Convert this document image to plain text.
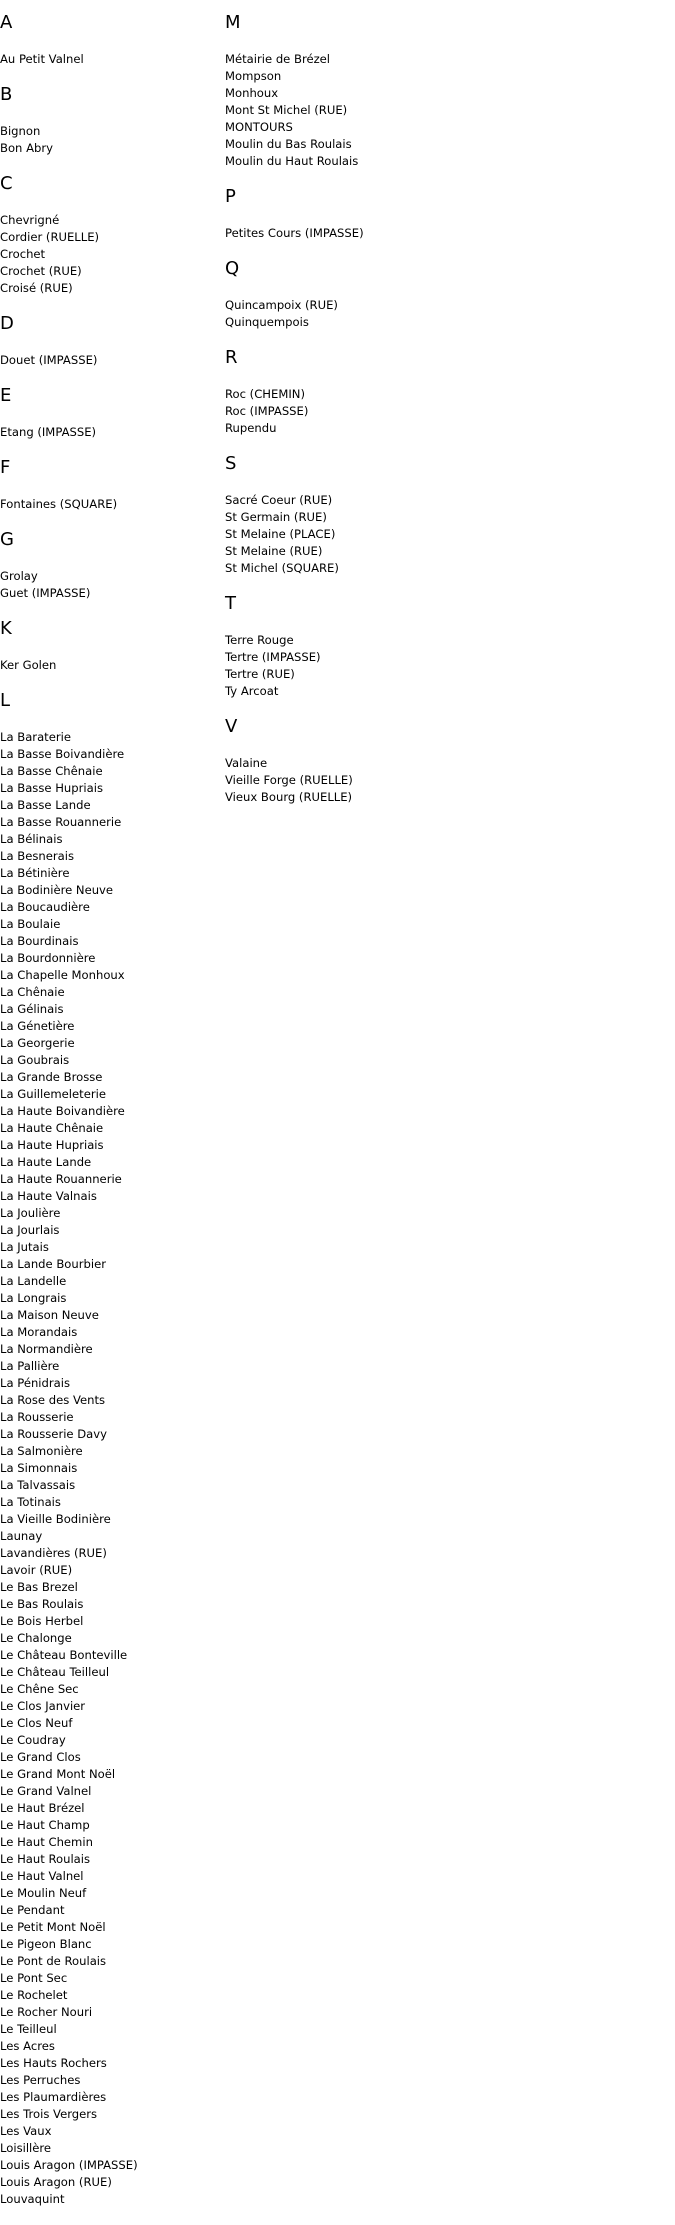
A
Au Petit Valnel
B
Bignon
Bon Abry
C
Chevrigné
Cordier (RUELLE)
Crochet
Crochet (RUE)
Croisé (RUE)
D
Douet (IMPASSE)
E
Etang (IMPASSE)
F
Fontaines (SQUARE)
G
Grolay
Guet (IMPASSE)
K
Ker Golen
L
La Baraterie
La Basse Boivandière
La Basse Chênaie
La Basse Hupriais
La Basse Lande
La Basse Rouannerie
La Bélinais
La Besnerais
La Bétinière
La Bodinière Neuve
La Boucaudière
La Boulaie
La Bourdinais
La Bourdonnière
La Chapelle Monhoux
La Chênaie
La Gélinais
La Génetière
La Georgerie
La Goubrais
La Grande Brosse
La Guillemeleterie
La Haute Boivandière
La Haute Chênaie
La Haute Hupriais
La Haute Lande
La Haute Rouannerie
La Haute Valnais
La Joulière
La Jourlais
La Jutais
La Lande Bourbier
La Landelle
La Longrais
La Maison Neuve
La Morandais
La Normandière
La Pallière
La Pénidrais
La Rose des Vents
La Rousserie
La Rousserie Davy
La Salmonière
La Simonnais
La Talvassais
La Totinais
La Vieille Bodinière
Launay
Lavandières (RUE)
Lavoir (RUE)
Le Bas Brezel
Le Bas Roulais
Le Bois Herbel
Le Chalonge
Le Château Bonteville
Le Château Teilleul
Le Chêne Sec
Le Clos Janvier
Le Clos Neuf
Le Coudray
Le Grand Clos
Le Grand Mont Noël
Le Grand Valnel
Le Haut Brézel
Le Haut Champ
Le Haut Chemin
Le Haut Roulais
Le Haut Valnel
Le Moulin Neuf
Le Pendant
Le Petit Mont Noël
Le Pigeon Blanc
Le Pont de Roulais
Le Pont Sec
Le Rochelet
Le Rocher Nouri
Le Teilleul
Les Acres
Les Hauts Rochers
Les Perruches
Les Plaumardières
Les Trois Vergers
Les Vaux
Loisillère
Louis Aragon (IMPASSE)
Louis Aragon (RUE)
Louvaquint
M
Métairie de Brézel
Mompson
Monhoux
Mont St Michel (RUE)
MONTOURS
Moulin du Bas Roulais
Moulin du Haut Roulais
P
Petites Cours (IMPASSE)
Q
Quincampoix (RUE)
Quinquempois
R
Roc (CHEMIN)
Roc (IMPASSE)
Rupendu
S
Sacré Coeur (RUE)
St Germain (RUE)
St Melaine (PLACE)
St Melaine (RUE)
St Michel (SQUARE)
T
Terre Rouge
Tertre (IMPASSE)
Tertre (RUE)
Ty Arcoat
V
Valaine
Vieille Forge (RUELLE)
Vieux Bourg (RUELLE)
